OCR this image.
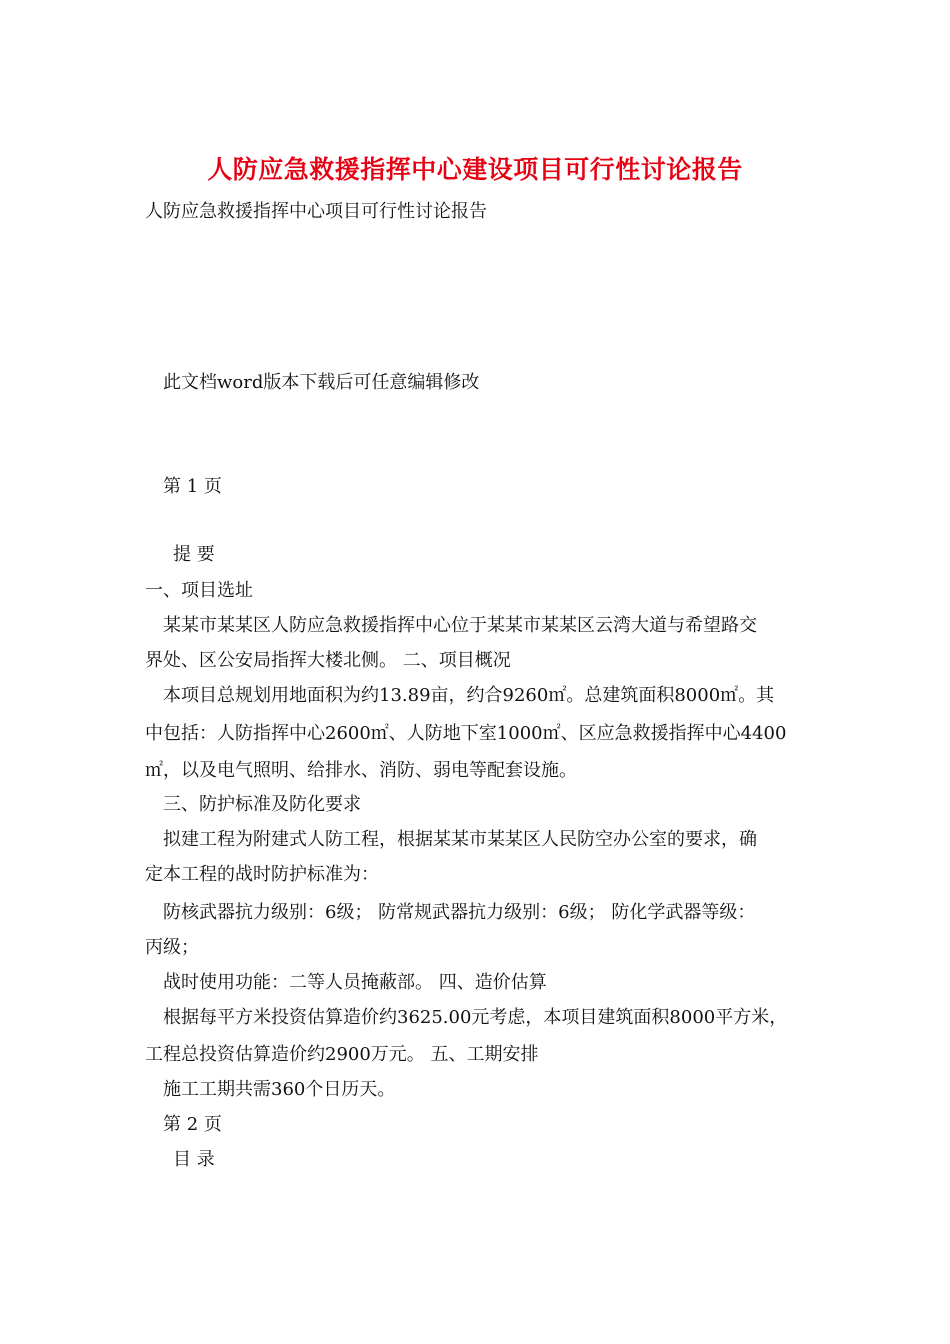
人防应急救援指挥中心建设项目可行性讨论报告
人防应急救援指挥中心项目可行性讨论报告
此文档word版本下载后可任意编辑修改
第 1 页
提 要
一、项目选址
某某市某某区人防应急救援指挥中心位于某某市某某区云湾大道与希望路交
界处、区公安局指挥大楼北侧。 二、项目概况
本项目总规划用地面积为约13.89亩，约合9260㎡。总建筑面积8000㎡。其
中包括：人防指挥中心2600㎡、人防地下室1000㎡、区应急救援指挥中心4400
㎡，以及电气照明、给排水、消防、弱电等配套设施。
三、防护标准及防化要求
拟建工程为附建式人防工程，根据某某市某某区人民防空办公室的要求，确
定本工程的战时防护标准为：
防核武器抗力级别：6级； 防常规武器抗力级别：6级； 防化学武器等级：
丙级；
战时使用功能：二等人员掩蔽部。 四、造价估算
根据每平方米投资估算造价约3625.00元考虑，本项目建筑面积8000平方米，
工程总投资估算造价约2900万元。 五、工期安排
施工工期共需360个日历天。
第 2 页
目 录
